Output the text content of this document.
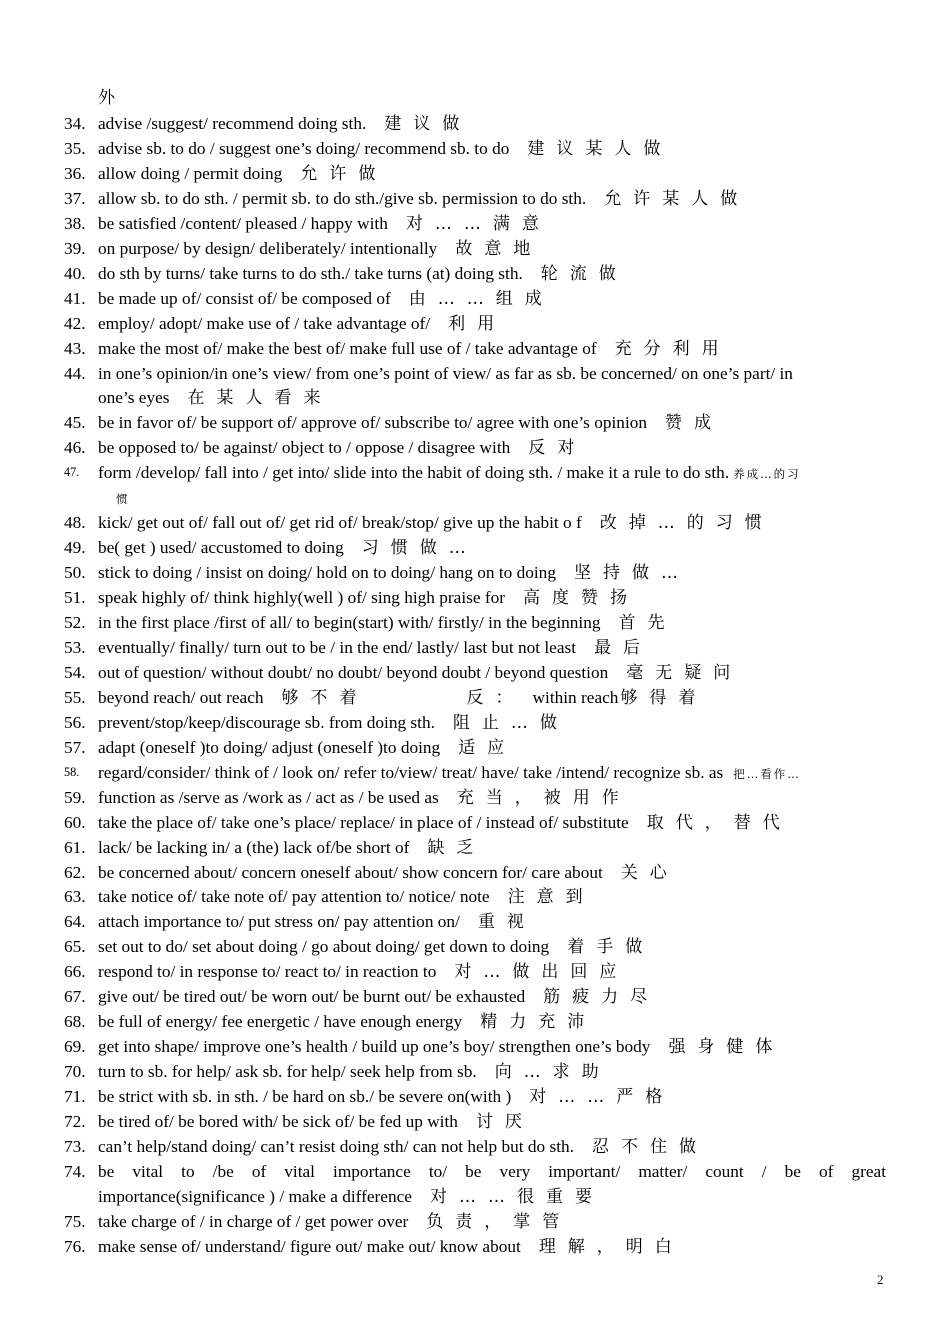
外
34. advise /suggest/ recommend doing sth. 建议做
35. advise sb. to do / suggest one’s doing/ recommend sb. to do 建议某人做
36. allow doing / permit doing 允许做
37. allow sb. to do sth. / permit sb. to do sth./give sb. permission to do sth. 允许某人做
38. be satisfied /content/ pleased / happy with 对……满意
39. on purpose/ by design/ deliberately/ intentionally 故意地
40. do sth by turns/ take turns to do sth./ take turns (at) doing sth. 轮流做
41. be made up of/ consist of/ be composed of 由……组成
42. employ/ adopt/ make use of / take advantage of/ 利用
43. make the most of/ make the best of/ make full use of / take advantage of 充分利用
44. in one’s opinion/in one’s view/ from one’s point of view/ as far as sb. be concerned/ on one’s part/ in
one’s eyes 在某人看来
45. be in favor of/ be support of/ approve of/ subscribe to/ agree with one’s opinion 赞成
46. be opposed to/ be against/ object to / oppose / disagree with 反对
47. form /develop/ fall into / get into/ slide into the habit of doing sth. / make it a rule to do sth. 养成…的习
惯
48. kick/ get out of/ fall out of/ get rid of/ break/stop/ give up the habit o f 改掉…的习惯
49. be( get ) used/ accustomed to doing 习惯做…
50. stick to doing / insist on doing/ hold on to doing/ hang on to doing 坚持做…
51. speak highly of/ think highly(well ) of/ sing high praise for 高度赞扬
52. in the first place /first of all/ to begin(start) with/ firstly/ in the beginning 首先
53. eventually/ finally/ turn out to be / in the end/ lastly/ last but not least 最后
54. out of question/ without doubt/ no doubt/ beyond doubt / beyond question 毫无疑问
55. beyond reach/ out reach 够不着	反： within reach 够得着
56. prevent/stop/keep/discourage sb. from doing sth. 阻止…做
57. adapt (oneself )to doing/ adjust (oneself )to doing 适应
58. regard/consider/ think of / look on/ refer to/view/ treat/ have/ take /intend/ recognize sb. as 把…看作…
59. function as /serve as /work as / act as / be used as 充当，被用作
60. take the place of/ take one’s place/ replace/ in place of / instead of/ substitute 取代，替代
61. lack/ be lacking in/ a (the) lack of/be short of 缺乏
62. be concerned about/ concern oneself about/ show concern for/ care about 关心
63. take notice of/ take note of/ pay attention to/ notice/ note 注意到
64. attach importance to/ put stress on/ pay attention on/ 重视
65. set out to do/ set about doing / go about doing/ get down to doing 着手做
66. respond to/ in response to/ react to/ in reaction to 对…做出回应
67. give out/ be tired out/ be worn out/ be burnt out/ be exhausted 筋疲力尽
68. be full of energy/ fee energetic / have enough energy 精力充沛
69. get into shape/ improve one’s health / build up one’s boy/ strengthen one’s body 强身健体
70. turn to sb. for help/ ask sb. for help/ seek help from sb. 向…求助
71. be strict with sb. in sth. / be hard on sb./ be severe on(with ) 对……严格
72. be tired of/ be bored with/ be sick of/ be fed up with 讨厌
73. can’t help/stand doing/ can’t resist doing sth/ can not help but do sth. 忍不住做
74. be vital to /be of vital importance to/ be very important/ matter/ count / be of great
importance(significance ) / make a difference 对……很重要
75. take charge of / in charge of / get power over 负责，掌管
76. make sense of/ understand/ figure out/ make out/ know about 理解，明白
2
